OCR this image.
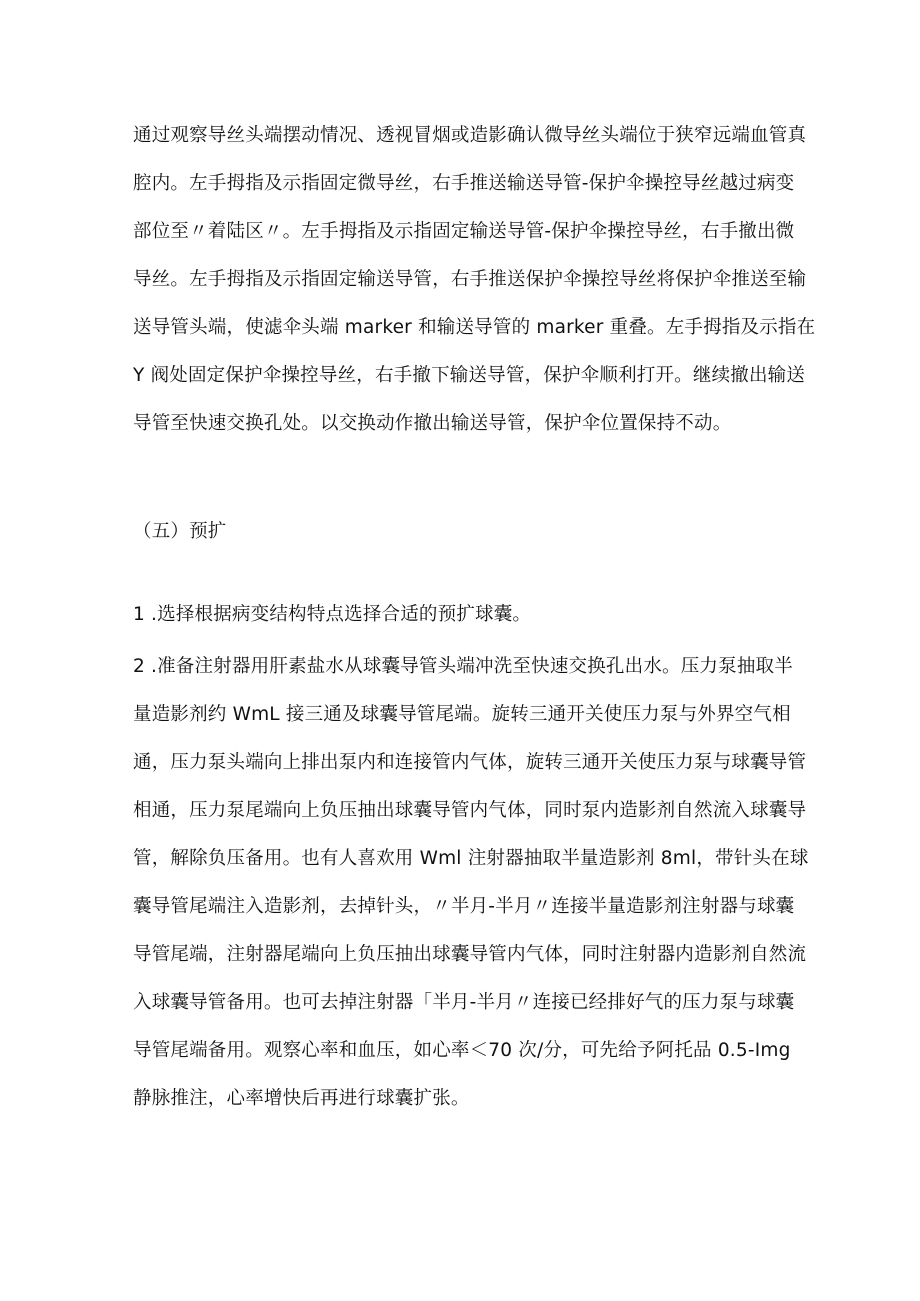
通过观察导丝头端摆动情况、透视冒烟或造影确认微导丝头端位于狭窄远端血管真
腔内。左手拇指及示指固定微导丝，右手推送输送导管-保护伞操控导丝越过病变
部位至〃着陆区〃。左手拇指及示指固定输送导管-保护伞操控导丝，右手撤出微
导丝。左手拇指及示指固定输送导管，右手推送保护伞操控导丝将保护伞推送至输
送导管头端，使滤伞头端 marker 和输送导管的 marker 重叠。左手拇指及示指在
Y 阀处固定保护伞操控导丝，右手撤下输送导管，保护伞顺利打开。继续撤出输送
导管至快速交换孔处。以交换动作撤出输送导管，保护伞位置保持不动。
（五）预扩
1 .选择根据病变结构特点选择合适的预扩球囊。
2 .准备注射器用肝素盐水从球囊导管头端冲洗至快速交换孔出水。压力泵抽取半
量造影剂约 WmL 接三通及球囊导管尾端。旋转三通开关使压力泵与外界空气相
通，压力泵头端向上排出泵内和连接管内气体，旋转三通开关使压力泵与球囊导管
相通，压力泵尾端向上负压抽出球囊导管内气体，同时泵内造影剂自然流入球囊导
管，解除负压备用。也有人喜欢用 Wml 注射器抽取半量造影剂 8ml，带针头在球
囊导管尾端注入造影剂，去掉针头，〃半月-半月〃连接半量造影剂注射器与球囊
导管尾端，注射器尾端向上负压抽出球囊导管内气体，同时注射器内造影剂自然流
入球囊导管备用。也可去掉注射器「半月-半月〃连接已经排好气的压力泵与球囊
导管尾端备用。观察心率和血压，如心率＜70 次/分，可先给予阿托品 0.5-Img
静脉推注，心率增快后再进行球囊扩张。
